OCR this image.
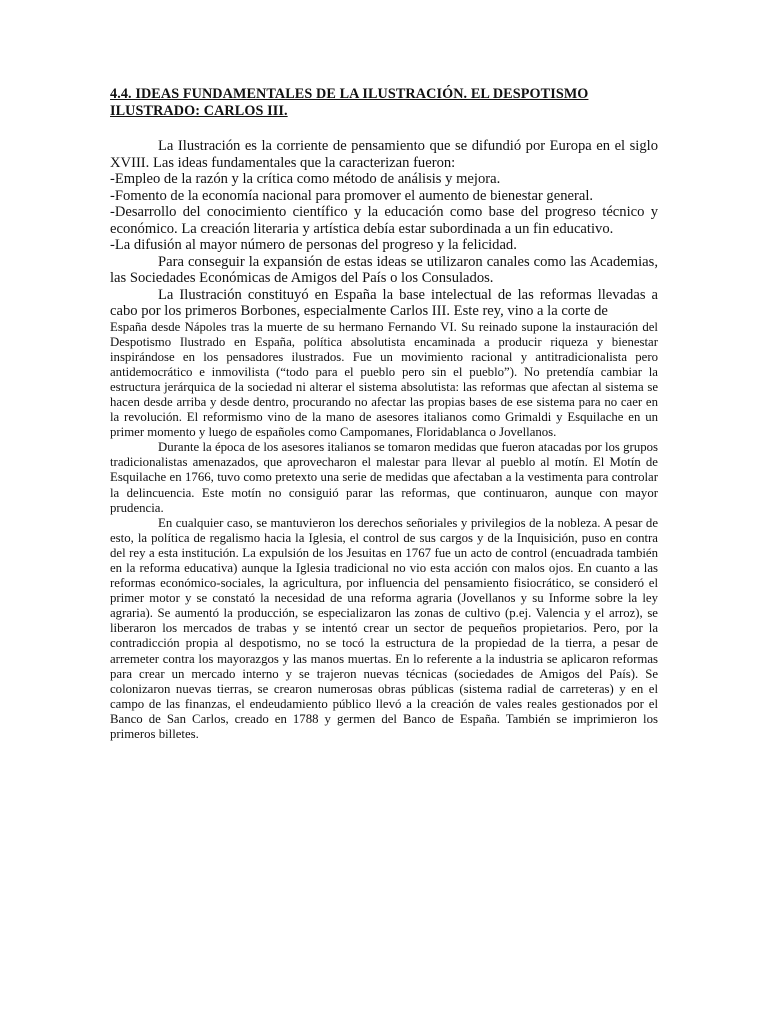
4.4. IDEAS FUNDAMENTALES DE LA ILUSTRACIÓN. EL DESPOTISMO
ILUSTRADO: CARLOS III.

La Ilustración es la corriente de pensamiento que se difundió por Europa en el siglo XVIII. Las ideas fundamentales que la caracterizan fueron:

-Empleo de la razón y la crítica como método de análisis y mejora.

-Fomento de la economía nacional para promover el aumento de bienestar general.

-Desarrollo del conocimiento científico y la educación como base del progreso técnico y económico. La creación literaria y artística debía estar subordinada a un fin educativo.

-La difusión al mayor número de personas del progreso y la felicidad.

Para conseguir la expansión de estas ideas se utilizaron canales como las Academias, las Sociedades Económicas de Amigos del País o los Consulados.

La Ilustración constituyó en España la base intelectual de las reformas llevadas a cabo por los primeros Borbones, especialmente Carlos III. Este rey, vino a la corte de

España desde Nápoles tras la muerte de su hermano Fernando VI. Su reinado supone la instauración del Despotismo Ilustrado en España, política absolutista encaminada a producir riqueza y bienestar inspirándose en los pensadores ilustrados. Fue un movimiento racional y antitradicionalista pero antidemocrático e inmovilista (“todo para el pueblo pero sin el pueblo”). No pretendía cambiar la estructura jerárquica de la sociedad ni alterar el sistema absolutista: las reformas que afectan al sistema se hacen desde arriba y desde dentro, procurando no afectar las propias bases de ese sistema para no caer en la revolución. El reformismo vino de la mano de asesores italianos como Grimaldi y Esquilache en un primer momento y luego de españoles como Campomanes, Floridablanca o Jovellanos.

Durante la época de los asesores italianos se tomaron medidas que fueron atacadas por los grupos tradicionalistas amenazados, que aprovecharon el malestar para llevar al pueblo al motín. El Motín de Esquilache en 1766, tuvo como pretexto una serie de medidas que afectaban a la vestimenta para controlar la delincuencia. Este motín no consiguió parar las reformas, que continuaron, aunque con mayor prudencia.

En cualquier caso, se mantuvieron los derechos señoriales y privilegios de la nobleza. A pesar de esto, la política de regalismo hacia la Iglesia, el control de sus cargos y de la Inquisición, puso en contra del rey a esta institución. La expulsión de los Jesuitas en 1767 fue un acto de control (encuadrada también en la reforma educativa) aunque la Iglesia tradicional no vio esta acción con malos ojos. En cuanto a las reformas económico-sociales, la agricultura, por influencia del pensamiento fisiocrático, se consideró el primer motor y se constató la necesidad de una reforma agraria (Jovellanos y su Informe sobre la ley agraria). Se aumentó la producción, se especializaron las zonas de cultivo (p.ej. Valencia y el arroz), se liberaron los mercados de trabas y se intentó crear un sector de pequeños propietarios. Pero, por la contradicción propia al despotismo, no se tocó la estructura de la propiedad de la tierra, a pesar de arremeter contra los mayorazgos y las manos muertas. En lo referente a la industria se aplicaron reformas para crear un mercado interno y se trajeron nuevas técnicas (sociedades de Amigos del País). Se colonizaron nuevas tierras, se crearon numerosas obras públicas (sistema radial de carreteras) y en el campo de las finanzas, el endeudamiento público llevó a la creación de vales reales gestionados por el Banco de San Carlos, creado en 1788 y germen del Banco de España. También se imprimieron los primeros billetes.
